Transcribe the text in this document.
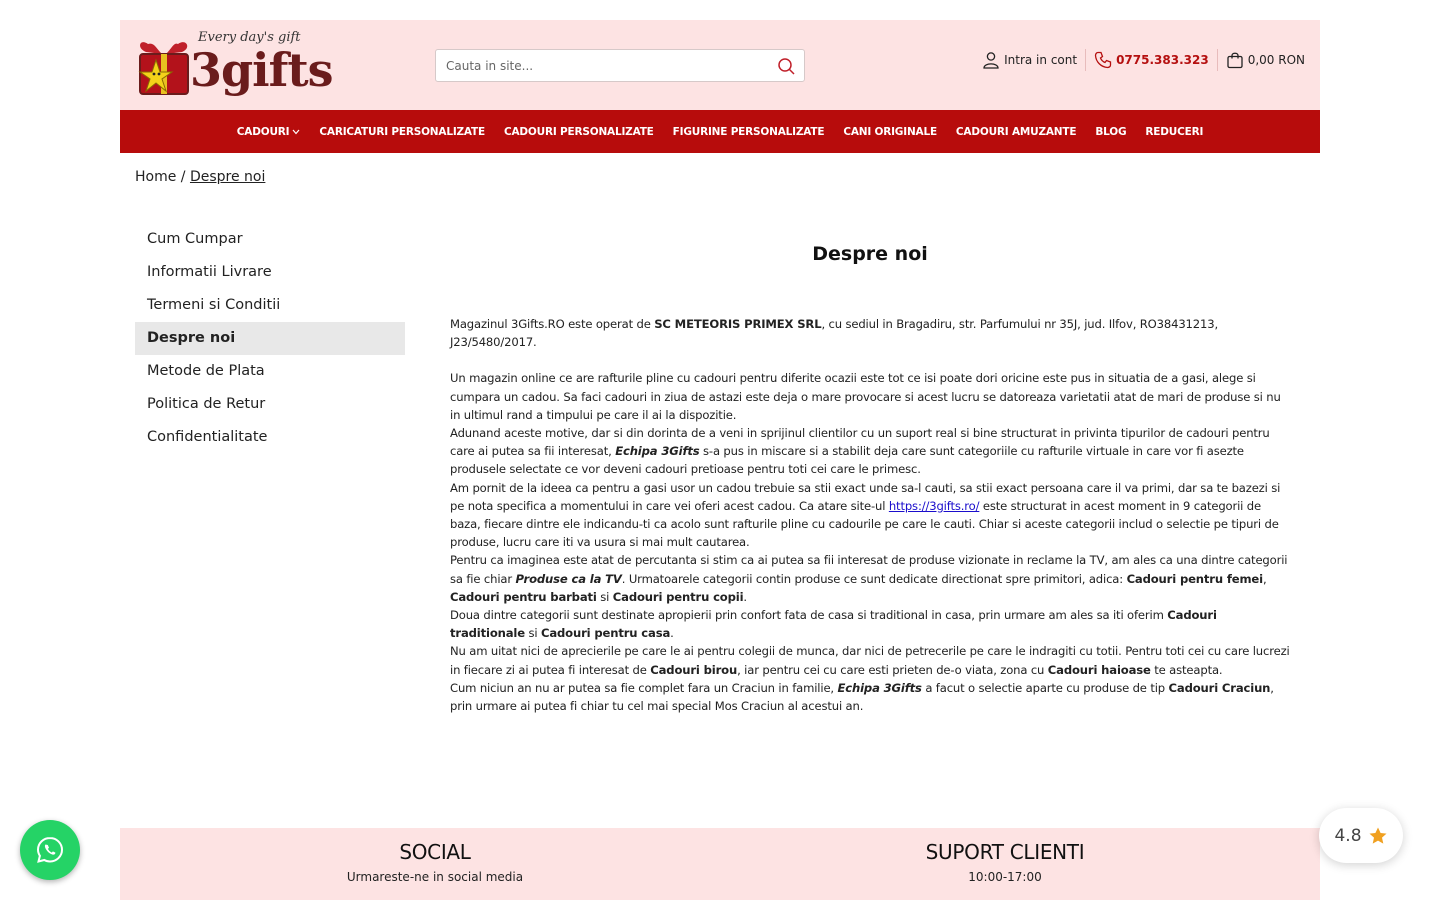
Every day's gift
3gifts
Cauta in site...	Intra in cont	0775.383.323	0,00 RON
CADOURI	CARICATURI PERSONALIZATE CADOURI PERSONALIZATE FIGURINE PERSONALIZATE CANI ORIGINALE CADOURI AMUZANTE BLOG REDUCERI
Home / Despre noi
Cum Cumpar
Informatii Livrare
Termeni si Conditii
Despre noi
Metode de Plata
Politica de Retur
Confidentialitate
Despre noi

Magazinul 3Gifts.RO este operat de SC METEORIS PRIMEX SRL, cu sediul in Bragadiru, str. Parfumului nr 35J, jud. Ilfov, RO38431213, J23/5480/2017.

Un magazin online ce are rafturile pline cu cadouri pentru diferite ocazii este tot ce isi poate dori oricine este pus in situatia de a gasi, alege si cumpara un cadou. Sa faci cadouri in ziua de astazi este deja o mare provocare si acest lucru se datoreaza varietatii atat de mari de produse si nu in ultimul rand a timpului pe care il ai la dispozitie.

Adunand aceste motive, dar si din dorinta de a veni in sprijinul clientilor cu un suport real si bine structurat in privinta tipurilor de cadouri pentru care ai putea sa fii interesat, Echipa 3Gifts s-a pus in miscare si a stabilit deja care sunt categoriile cu rafturile virtuale in care vor fi asezte produsele selectate ce vor deveni cadouri pretioase pentru toti cei care le primesc.

Am pornit de la ideea ca pentru a gasi usor un cadou trebuie sa stii exact unde sa-l cauti, sa stii exact persoana care il va primi, dar sa te bazezi si pe nota specifica a momentului in care vei oferi acest cadou. Ca atare site-ul https://3gifts.ro/ este structurat in acest moment in 9 categorii de baza, fiecare dintre ele indicandu-ti ca acolo sunt rafturile pline cu cadourile pe care le cauti. Chiar si aceste categorii includ o selectie pe tipuri de produse, lucru care iti va usura si mai mult cautarea.

Pentru ca imaginea este atat de percutanta si stim ca ai putea sa fii interesat de produse vizionate in reclame la TV, am ales ca una dintre categorii sa fie chiar Produse ca la TV. Urmatoarele categorii contin produse ce sunt dedicate directionat spre primitori, adica: Cadouri pentru femei, Cadouri pentru barbati si Cadouri pentru copii.

Doua dintre categorii sunt destinate apropierii prin confort fata de casa si traditional in casa, prin urmare am ales sa iti oferim Cadouri traditionale si Cadouri pentru casa.

Nu am uitat nici de aprecierile pe care le ai pentru colegii de munca, dar nici de petrecerile pe care le indragiti cu totii. Pentru toti cei cu care lucrezi in fiecare zi ai putea fi interesat de Cadouri birou, iar pentru cei cu care esti prieten de-o viata, zona cu Cadouri haioase te asteapta.

Cum niciun an nu ar putea sa fie complet fara un Craciun in familie, Echipa 3Gifts a facut o selectie aparte cu produse de tip Cadouri Craciun, prin urmare ai putea fi chiar tu cel mai special Mos Craciun al acestui an.

SOCIAL
Urmareste-ne in social media
SUPORT CLIENTI
10:00-17:00
4.8
